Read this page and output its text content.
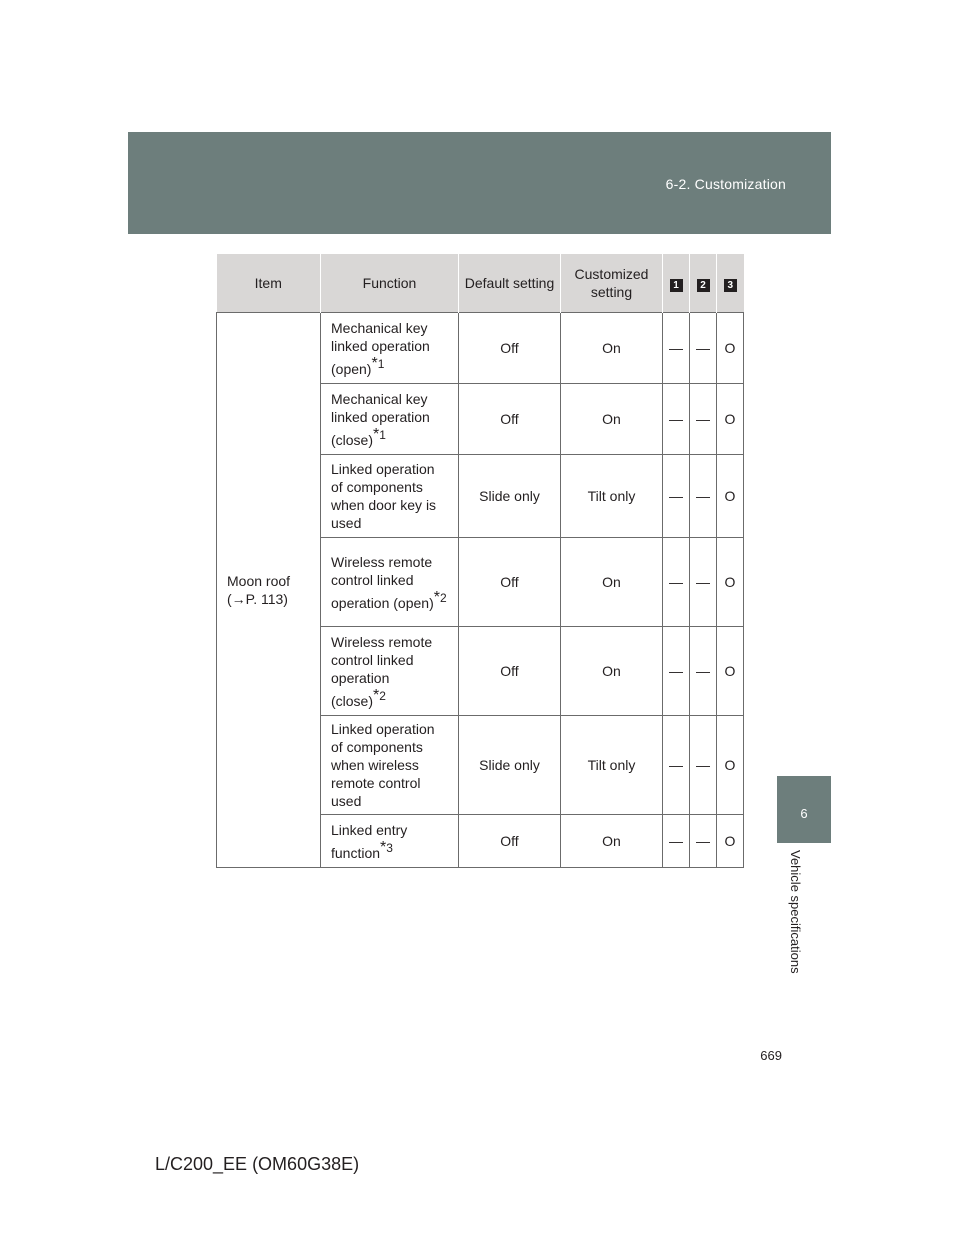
6-2. Customization
Item	Function	Default setting	Customized setting	1	2	3

Moon roof
(→P. 113)	Mechanical key linked operation (open)$^{*1}$	Off	On	—	—	O
	Mechanical key linked operation (close)$^{*1}$	Off	On	—	—	O
	Linked operation of components when door key is used	Slide only	Tilt only	—	—	O
	Wireless remote control linked operation (open)$^{*2}$	Off	On	—	—	O
	Wireless remote control linked operation (close)$^{*2}$	Off	On	—	—	O
	Linked operation of components when wireless remote control used	Slide only	Tilt only	—	—	O
	Linked entry function$^{*3}$	Off	On	—	—	O
6
Vehicle specifications
669
L/C200_EE (OM60G38E)
